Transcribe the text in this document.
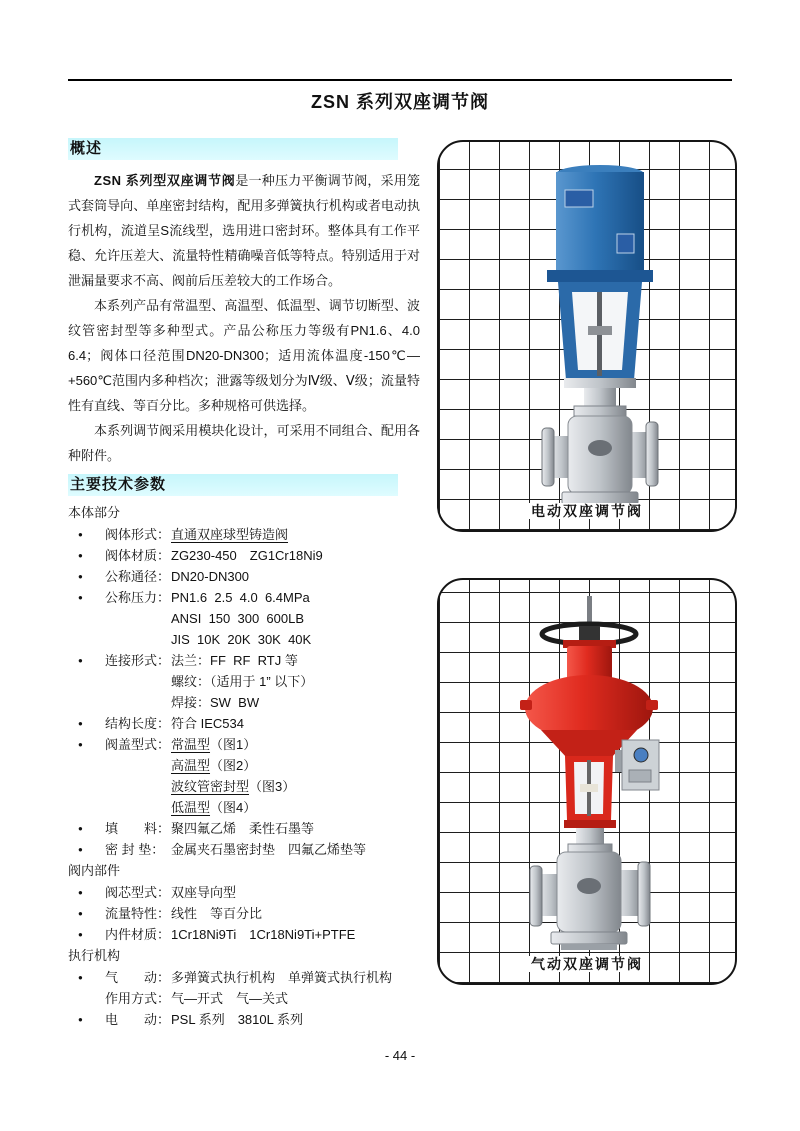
ZSN 系列双座调节阀
概述

ZSN 系列型双座调节阀是一种压力平衡调节阀，采用笼式套筒导向、单座密封结构，配用多弹簧执行机构或者电动执行机构，流道呈S流线型，选用进口密封环。整体具有工作平稳、允许压差大、流量特性精确噪音低等特点。特别适用于对泄漏量要求不高、阀前后压差较大的工作场合。

本系列产品有常温型、高温型、低温型、调节切断型、波纹管密封型等多种型式。产品公称压力等级有PN1.6、4.0 6.4；阀体口径范围DN20-DN300；适用流体温度-150℃—+560℃范围内多种档次；泄露等级划分为Ⅳ级、Ⅴ级；流量特性有直线、等百分比。多种规格可供选择。

本系列调节阀采用模块化设计，可采用不同组合、配用各种附件。

主要技术参数
本体部分
●	阀体形式： 直通双座球型铸造阀
●	阀体材质： ZG230-450　ZG1Cr18Ni9
●	公称通径： DN20-DN300
●	公称压力： PN1.6  2.5  4.0  6.4MPa
ANSI  150  300  600LB
JIS  10K  20K  30K  40K
●	连接形式： 法兰：FF  RF  RTJ 等
螺纹：（适用于 1” 以下）
焊接：SW  BW
●	结构长度： 符合 IEC534
●	阀盖型式： 常温型（图1）
高温型（图2）
波纹管密封型（图3）
低温型（图4）
●	填　　料： 聚四氟乙烯　柔性石墨等
●	密 封 垫： 金属夹石墨密封垫　四氟乙烯垫等
阀内部件
●	阀芯型式： 双座导向型
●	流量特性： 线性　等百分比
●	内件材质： 1Cr18Ni9Ti　1Cr18Ni9Ti+PTFE
执行机构
●	气　　动： 多弹簧式执行机构　单弹簧式执行机构
作用方式： 气—开式　气—关式
●	电　　动： PSL 系列　3810L 系列
电动双座调节阀
气动双座调节阀
- 44 -
